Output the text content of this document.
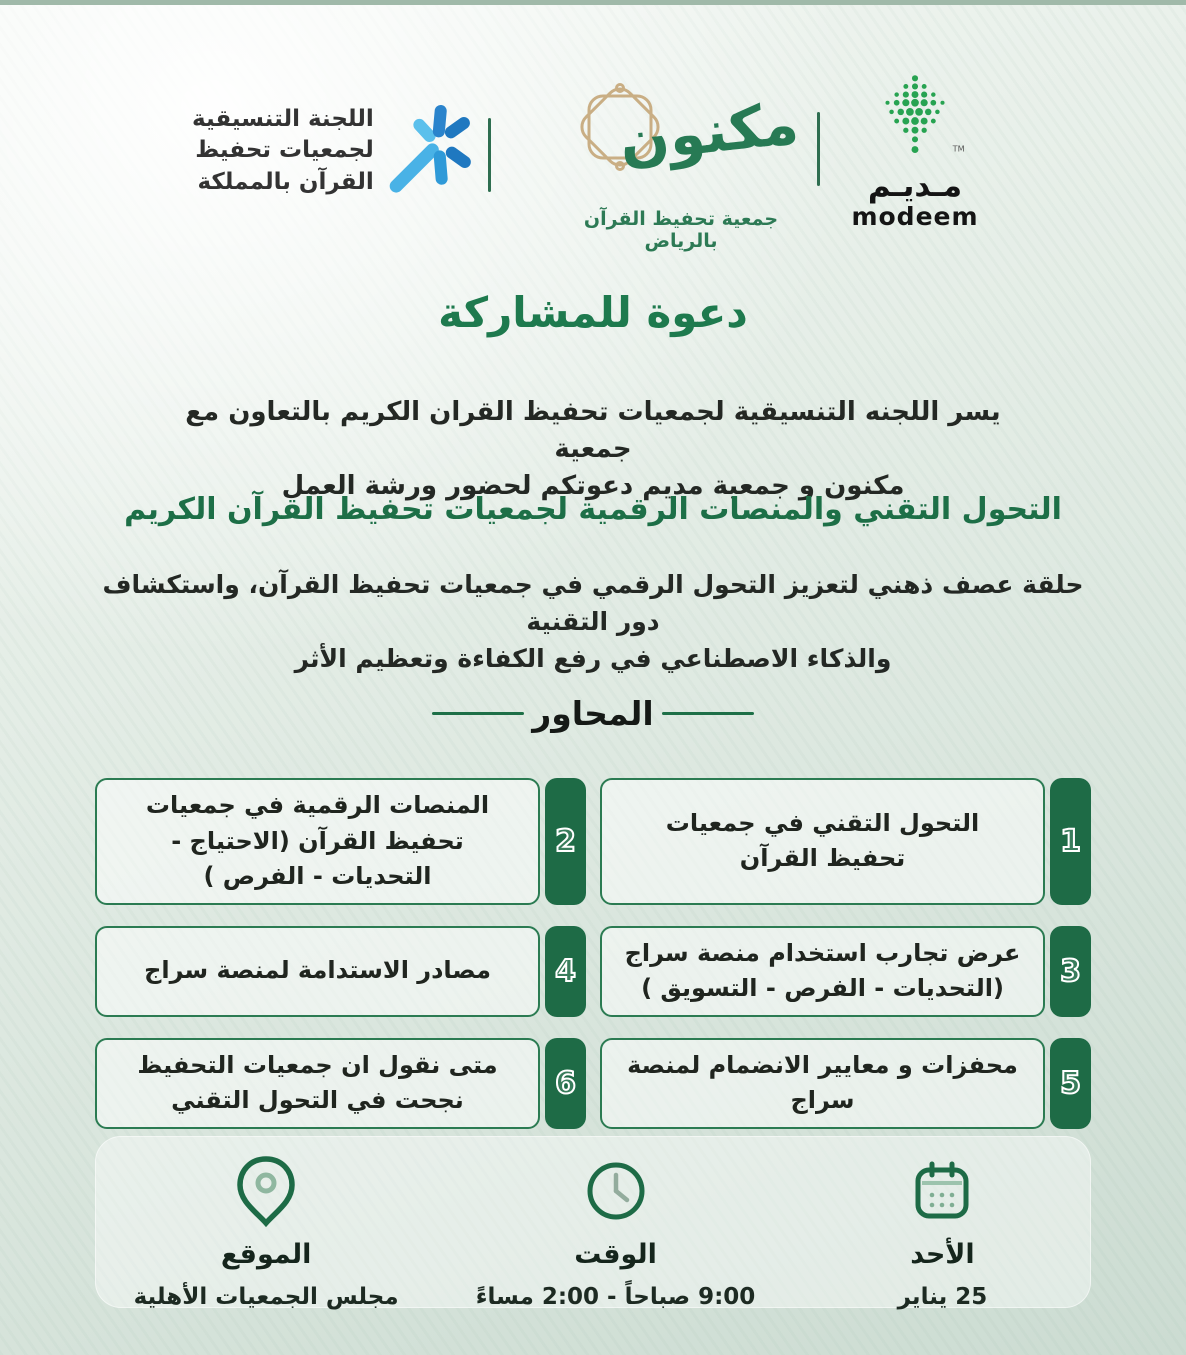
اللجنة التنسيقية
لجمعيات تحفيظ
القرآن بالمملكة
مكنون
جمعية تحفيظ القرآن بالرياض
TM
مـديـم
modeem
دعوة للمشاركة
يسر اللجنه التنسيقية لجمعيات تحفيظ القران الكريم بالتعاون مع جمعية
مكنون و جمعية مديم دعوتكم لحضور ورشة العمل
التحول التقني والمنصات الرقمية لجمعيات تحفيظ القرآن الكريم
حلقة عصف ذهني لتعزيز التحول الرقمي في جمعيات تحفيظ القرآن، واستكشاف دور التقنية
والذكاء الاصطناعي في رفع الكفاءة وتعظيم الأثر
المحاور
1
التحول التقني في جمعيات تحفيظ القرآن
2
المنصات الرقمية في جمعيات تحفيظ القرآن (الاحتياج - التحديات - الفرص )
3
عرض تجارب استخدام منصة سراج (التحديات - الفرص - التسويق )
4
مصادر الاستدامة لمنصة سراج
5
محفزات و معايير الانضمام لمنصة سراج
6
متى نقول ان جمعيات التحفيظ نجحت في التحول التقني
الأحد
25 يناير
الوقت
9:00 صباحاً - 2:00 مساءً
الموقع
مجلس الجمعيات الأهلية
